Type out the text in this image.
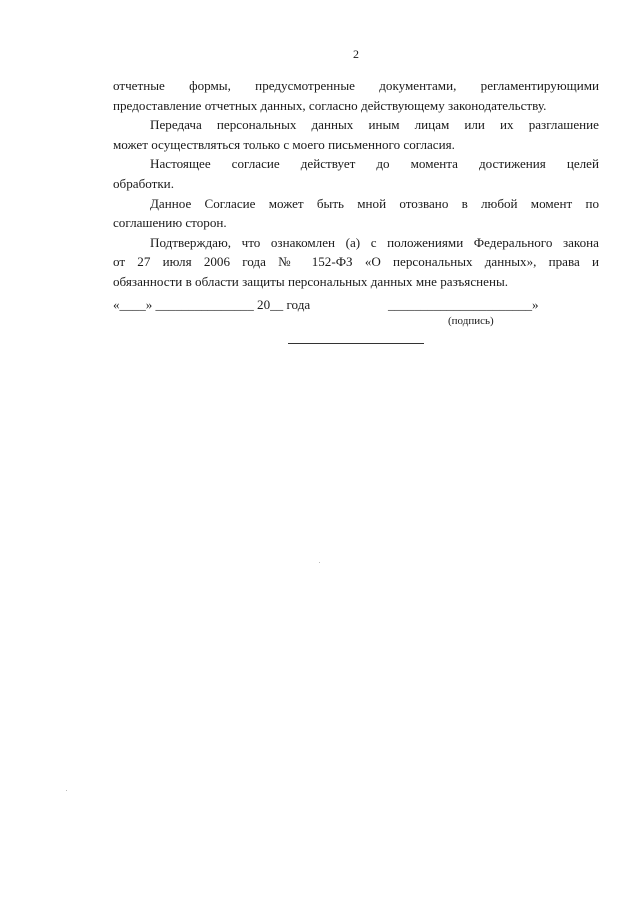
2

отчетные формы, предусмотренные документами, регламентирующими

предоставление отчетных данных, согласно действующему законодательству.

Передача персональных данных иным лицам или их разглашение

может осуществляться только с моего письменного согласия.

Настоящее согласие действует до момента достижения целей

обработки.

Данное Согласие может быть мной отозвано в любой момент по

соглашению сторон.

Подтверждаю, что ознакомлен (а) с положениями Федерального закона

от 27 июля 2006 года № 152-ФЗ «О персональных данных», права и

обязанности в области защиты персональных данных мне разъяснены.

«____» _______________ 20__ года	______________________»
(подпись)
